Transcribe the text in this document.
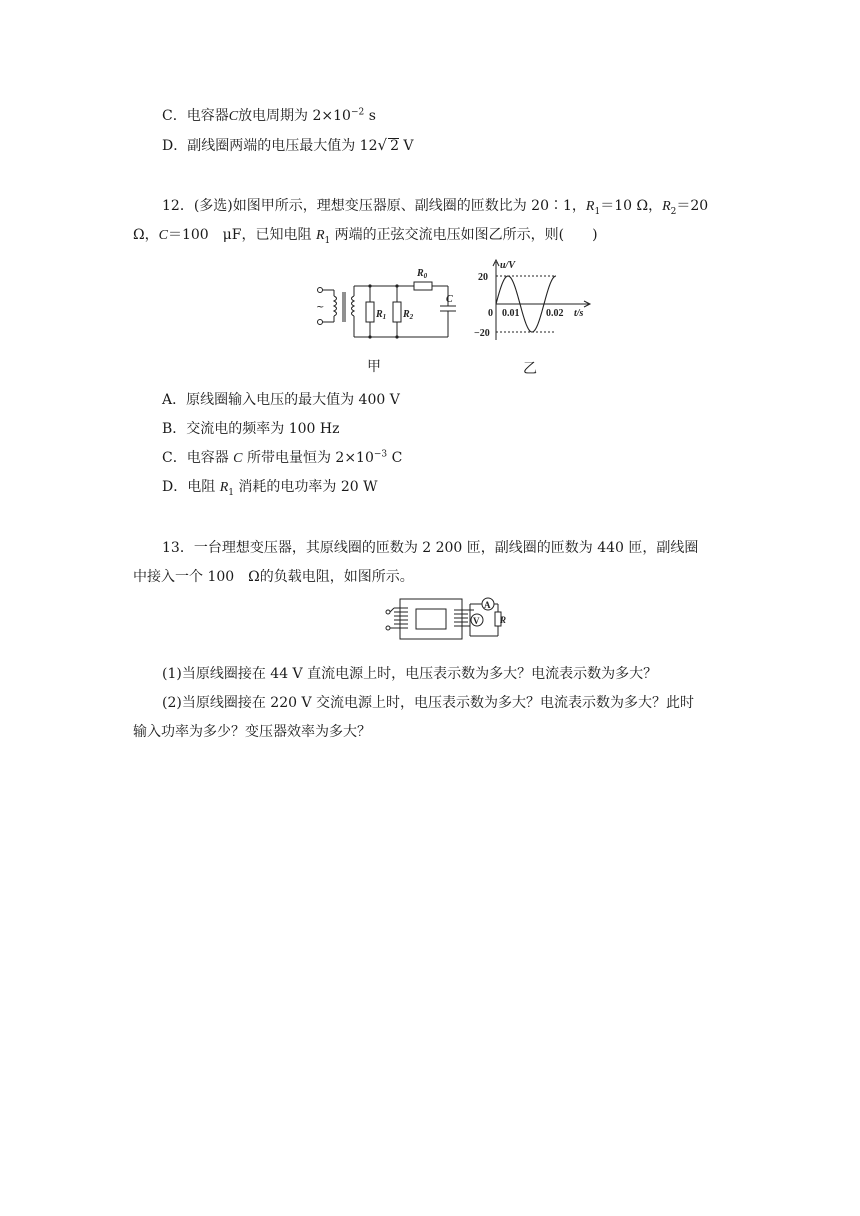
C．电容器C放电周期为 $2\times 10^{-2}$ s
D．副线圈两端的电压最大值为 12√ 2 V
12．(多选)如图甲所示，理想变压器原、副线圈的匝数比为 20∶1，$R_1=10$ Ω，$R_2=20$
Ω，C＝100　μF，已知电阻 $R_1$ 两端的正弦交流电压如图乙所示，则(　　)
~
$R_1$ $R_2$
$R_0$
C
甲
u/V
t/s
20
−20
0 0.01	0.02
乙
A．原线圈输入电压的最大值为 400 V
B．交流电的频率为 100 Hz
C．电容器 C 所带电量恒为 $2\times 10^{-3}$ C
D．电阻 $R_1$ 消耗的电功率为 20 W
13．一台理想变压器，其原线圈的匝数为 2 200 匝，副线圈的匝数为 440 匝，副线圈
中接入一个 100　Ω的负载电阻，如图所示。
V
A
R
(1)当原线圈接在 44 V 直流电源上时，电压表示数为多大？电流表示数为多大？
(2)当原线圈接在 220 V 交流电源上时，电压表示数为多大？电流表示数为多大？此时
输入功率为多少？变压器效率为多大？
